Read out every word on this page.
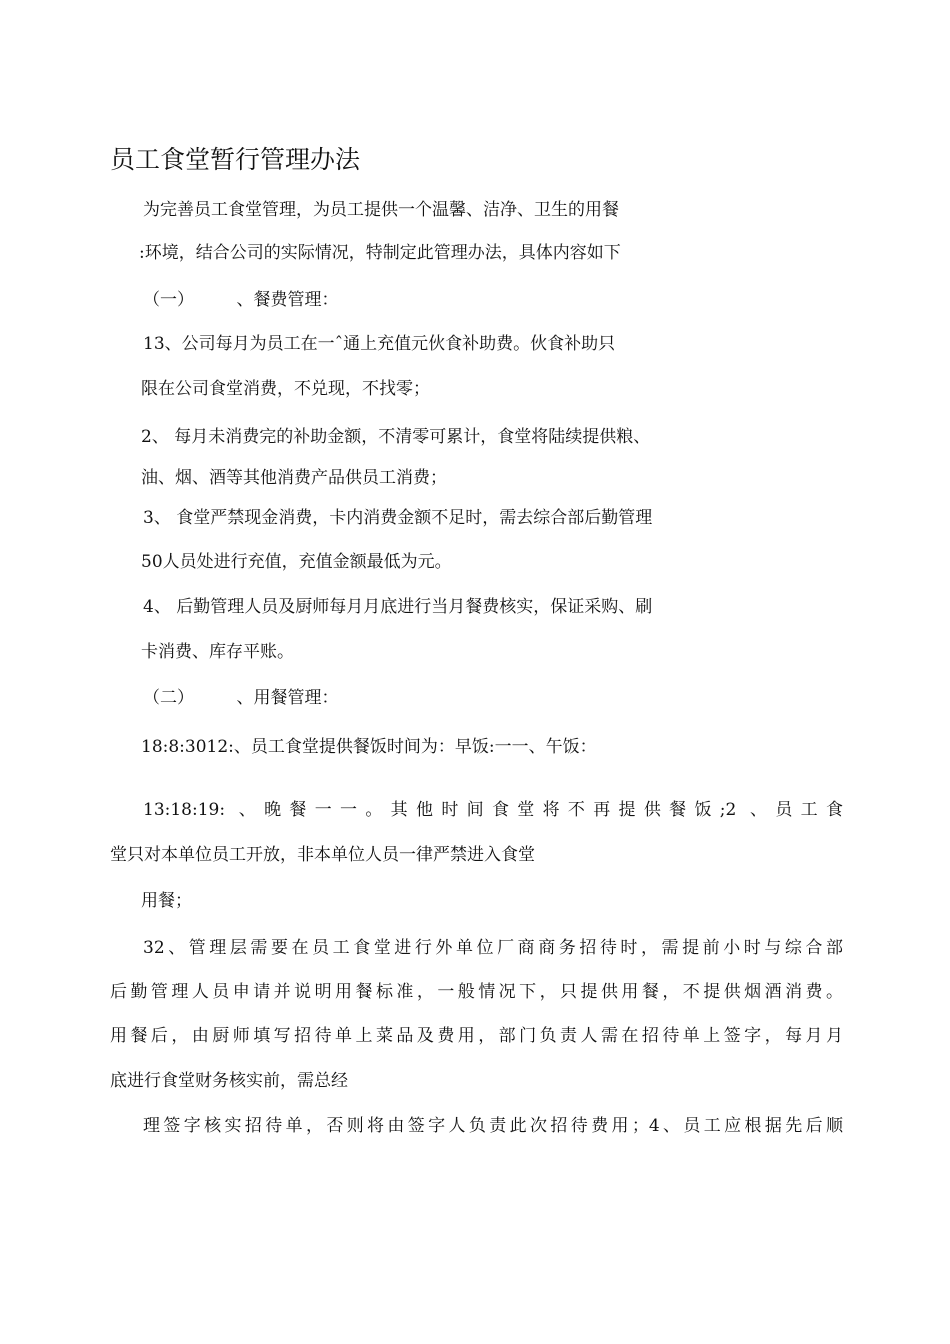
员工食堂暂行管理办法
为完善员工食堂管理，为员工提供一个温馨、洁净、卫生的用餐
:环境，结合公司的实际情况，特制定此管理办法，具体内容如下
（一）　　　、餐费管理：
13、公司每月为员工在一ˆ通上充值元伙食补助费。伙食补助只
限在公司食堂消费，不兑现，不找零；
2、 每月未消费完的补助金额，不清零可累计，食堂将陆续提供粮、
油、烟、酒等其他消费产品供员工消费；
3、 食堂严禁现金消费，卡内消费金额不足时，需去综合部后勤管理
50人员处进行充值，充值金额最低为元。
4、 后勤管理人员及厨师每月月底进行当月餐费核实，保证采购、刷
卡消费、库存平账。
（二）　　　、用餐管理：
18:8:3012:、员工食堂提供餐饭时间为：早饭:一一、午饭：
13:18:19: 、晚餐一一。其他时间食堂将不再提供餐饭;2 、员工食
堂只对本单位员工开放，非本单位人员一律严禁进入食堂
用餐；
32、管理层需要在员工食堂进行外单位厂商商务招待时，需提前小时与综合部
后勤管理人员申请并说明用餐标准，一般情况下，只提供用餐，不提供烟酒消费。
用餐后，由厨师填写招待单上菜品及费用，部门负责人需在招待单上签字，每月月
底进行食堂财务核实前，需总经
理签字核实招待单，否则将由签字人负责此次招待费用；4、员工应根据先后顺
